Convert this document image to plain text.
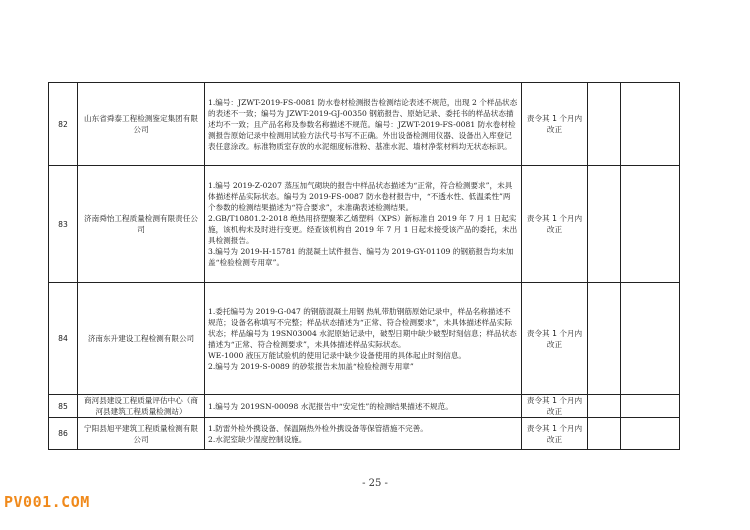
82	山东省舜泰工程检测鉴定集团有限公司	1.编号：JZWT-2019-FS-0081 防水卷材检测报告检测结论表述不规范，出现 2 个样品状态的表述不一致；编号为 JZWT-2019-GJ-00350 钢筋报告、原始记录、委托书的样品状态描述均不一致；且产品名称及参数名称描述不规范。编号：JZWT-2019-FS-0081 防水卷材检测报告原始记录中检测用试验方法代号书写不正确。外出设备检测用仪器、设备出入库登记表任意涂改。标准物质室存放的水泥细度标准粉、基准水泥、墙材净浆材料均无状态标识。	责令其 1 个月内改正		
83	济南舜怡工程质量检测有限责任公司	1.编号 2019-Z-0207 蒸压加气砌块的报告中样品状态描述为“正常，符合检测要求”，未具体描述样品实际状态。编号为 2019-FS-0087 防水卷材报告中，“不透水性、低温柔性”两个参数的检测结果描述为“符合要求”，未准确表述检测结果。
2.GB/T10801.2-2018 绝热用挤塑聚苯乙烯塑料（XPS）新标准自 2019 年 7 月 1 日起实施，该机构未及时进行变更。经查该机构自 2019 年 7 月 1 日起未接受该产品的委托，未出具检测报告。
3.编号为 2019-H-15781 的混凝土试件报告、编号为 2019-GY-01109 的钢筋报告均未加盖“检验检测专用章”。	责令其 1 个月内改正		
84	济南东升建设工程检测有限公司	1.委托编号为 2019-G-047 的钢筋混凝土用钢 热轧带肋钢筋原始记录中，样品名称描述不规范；设备名称填写不完整；样品状态描述为“正常、符合检测要求”，未具体描述样品实际状态；样品编号为 19SN03004 水泥原始记录中，破型日期中缺少破型时刻信息；样品状态描述为“正常、符合检测要求”，未具体描述样品实际状态。
WE-1000 液压万能试验机的使用记录中缺少设备使用的具体起止时刻信息。
2.编号为 2019-S-0089 的砂浆报告未加盖“检验检测专用章”	责令其 1 个月内改正		
85	商河县建设工程质量评估中心（商河县建筑工程质量检测站）	1.编号为 2019SN-00098 水泥报告中“安定性”的检测结果描述不规范。	责令其 1 个月内改正		
86	宁阳县旭平建筑工程质量检测有限公司	1.防雷外检外携设备、保温隔热外检外携设备等保管措施不完善。
2.水泥室缺少湿度控制设施。	责令其 1 个月内改正		
- 25 -
PV001.COM
